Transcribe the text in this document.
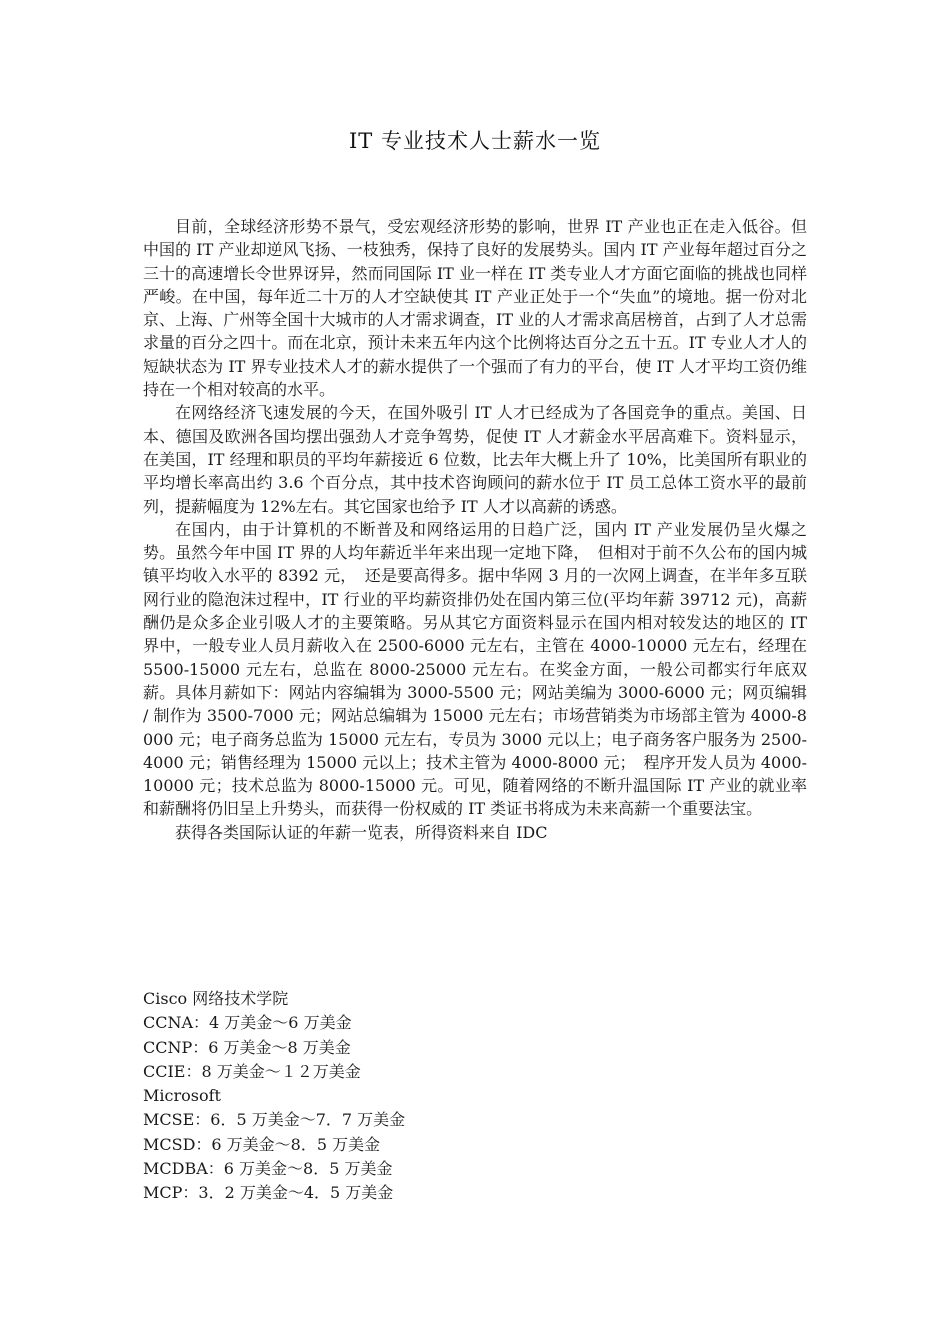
IT 专业技术人士薪水一览

目前，全球经济形势不景气，受宏观经济形势的影响，世界 IT 产业也正在走入低谷。但中国的 IT 产业却逆风飞扬、一枝独秀，保持了良好的发展势头。国内 IT 产业每年超过百分之三十的高速增长令世界讶异，然而同国际 IT 业一样在 IT 类专业人才方面它面临的挑战也同样严峻。在中国，每年近二十万的人才空缺使其 IT 产业正处于一个“失血”的境地。据一份对北京、上海、广州等全国十大城市的人才需求调查，IT 业的人才需求高居榜首，占到了人才总需求量的百分之四十。而在北京，预计未来五年内这个比例将达百分之五十五。IT 专业人才人的短缺状态为 IT 界专业技术人才的薪水提供了一个强而了有力的平台，使 IT 人才平均工资仍维持在一个相对较高的水平。

在网络经济飞速发展的今天，在国外吸引 IT 人才已经成为了各国竞争的重点。美国、日本、德国及欧洲各国均摆出强劲人才竞争驾势，促使 IT 人才薪金水平居高难下。资料显示，在美国，IT 经理和职员的平均年薪接近 6 位数，比去年大概上升了 10%，比美国所有职业的平均增长率高出约 3.6 个百分点，其中技术咨询顾问的薪水位于 IT 员工总体工资水平的最前列，提薪幅度为 12%左右。其它国家也给予 IT 人才以高薪的诱惑。

在国内，由于计算机的不断普及和网络运用的日趋广泛，国内 IT 产业发展仍呈火爆之势。虽然今年中国 IT 界的人均年薪近半年来出现一定地下降，　但相对于前不久公布的国内城镇平均收入水平的 8392 元，　还是要高得多。据中华网 3 月的一次网上调查，在半年多互联网行业的隐泡沫过程中，IT 行业的平均薪资排仍处在国内第三位(平均年薪 39712 元)，高薪酬仍是众多企业引吸人才的主要策略。另从其它方面资料显示在国内相对较发达的地区的 IT 界中，一般专业人员月薪收入在 2500-6000 元左右，主管在 4000-10000 元左右，经理在 5500-15000 元左右，总监在 8000-25000 元左右。在奖金方面，一般公司都实行年底双薪。具体月薪如下：网站内容编辑为 3000-5500 元；网站美编为 3000-6000 元；网页编辑 / 制作为 3500-7000 元；网站总编辑为 15000 元左右；市场营销类为市场部主管为 4000-8000 元；电子商务总监为 15000 元左右，专员为 3000 元以上；电子商务客户服务为 2500-4000 元；销售经理为 15000 元以上；技术主管为 4000-8000 元；　程序开发人员为 4000-10000 元；技术总监为 8000-15000 元。可见，随着网络的不断升温国际 IT 产业的就业率和薪酬将仍旧呈上升势头，而获得一份权威的 IT 类证书将成为未来高薪一个重要法宝。

获得各类国际认证的年薪一览表，所得资料来自 IDC

Cisco 网络技术学院

CCNA：4 万美金～6 万美金

CCNP：6 万美金～8 万美金

CCIE：8 万美金～１２万美金

Microsoft

MCSE：6．5 万美金～7．7 万美金

MCSD：6 万美金～8．5 万美金

MCDBA：6 万美金～8．5 万美金

MCP：3．2 万美金～4．5 万美金
